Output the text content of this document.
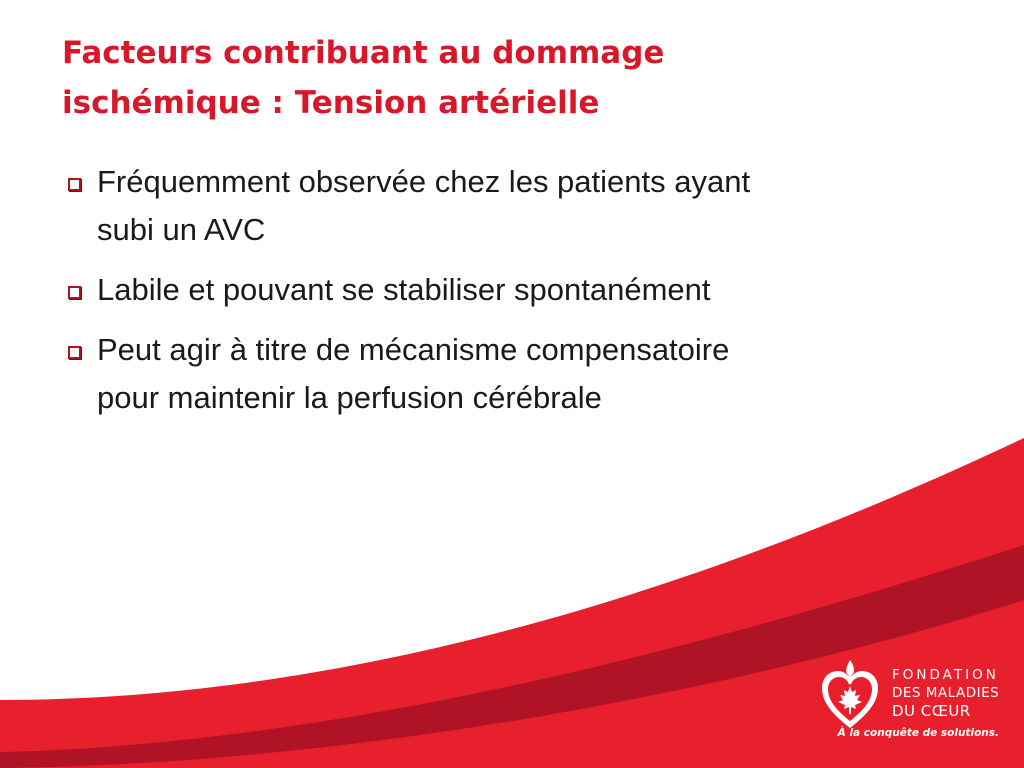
Facteurs contribuant au dommage
ischémique : Tension artérielle
Fréquemment observée chez les patients ayant
subi un AVC
Labile et pouvant se stabiliser spontanément
Peut agir à titre de mécanisme compensatoire
pour maintenir la perfusion cérébrale
FONDATION
DES MALADIES
DU CŒUR
À la conquête de solutions.
